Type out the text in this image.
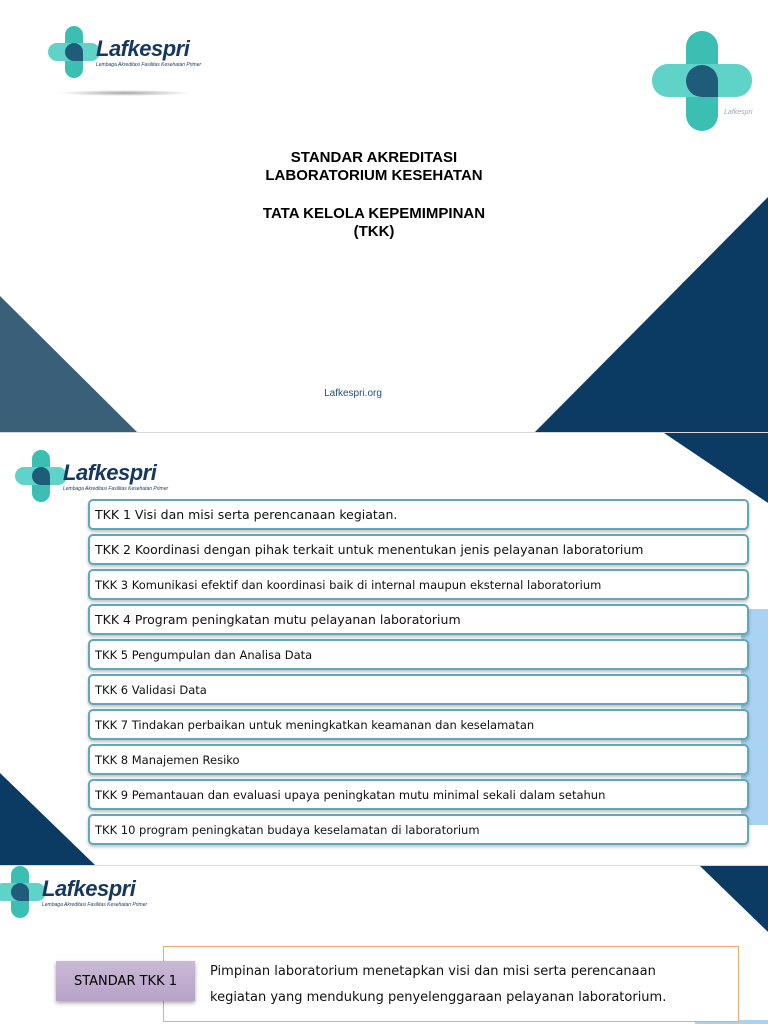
Lafkespri
Lembaga Akreditasi Fasilitas Kesehatan Primer
Lafkespri
STANDAR AKREDITASI
LABORATORIUM KESEHATAN
TATA KELOLA KEPEMIMPINAN
(TKK)
Lafkespri.org
Lafkespri
Lembaga Akreditasi Fasilitas Kesehatan Primer
TKK 1 Visi dan misi serta perencanaan kegiatan.
TKK 2 Koordinasi dengan pihak terkait untuk menentukan jenis pelayanan laboratorium
TKK 3 Komunikasi efektif dan koordinasi baik di internal maupun eksternal laboratorium
TKK 4 Program peningkatan mutu pelayanan laboratorium
TKK 5 Pengumpulan dan Analisa Data
TKK 6 Validasi Data
TKK 7 Tindakan perbaikan untuk meningkatkan keamanan dan keselamatan
TKK 8 Manajemen Resiko
TKK 9 Pemantauan dan evaluasi upaya peningkatan mutu minimal sekali dalam setahun
TKK 10 program peningkatan budaya keselamatan di laboratorium
Lafkespri
Lembaga Akreditasi Fasilitas Kesehatan Primer
Pimpinan laboratorium menetapkan visi dan misi serta perencanaan
kegiatan yang mendukung penyelenggaraan pelayanan laboratorium.
STANDAR TKK 1
